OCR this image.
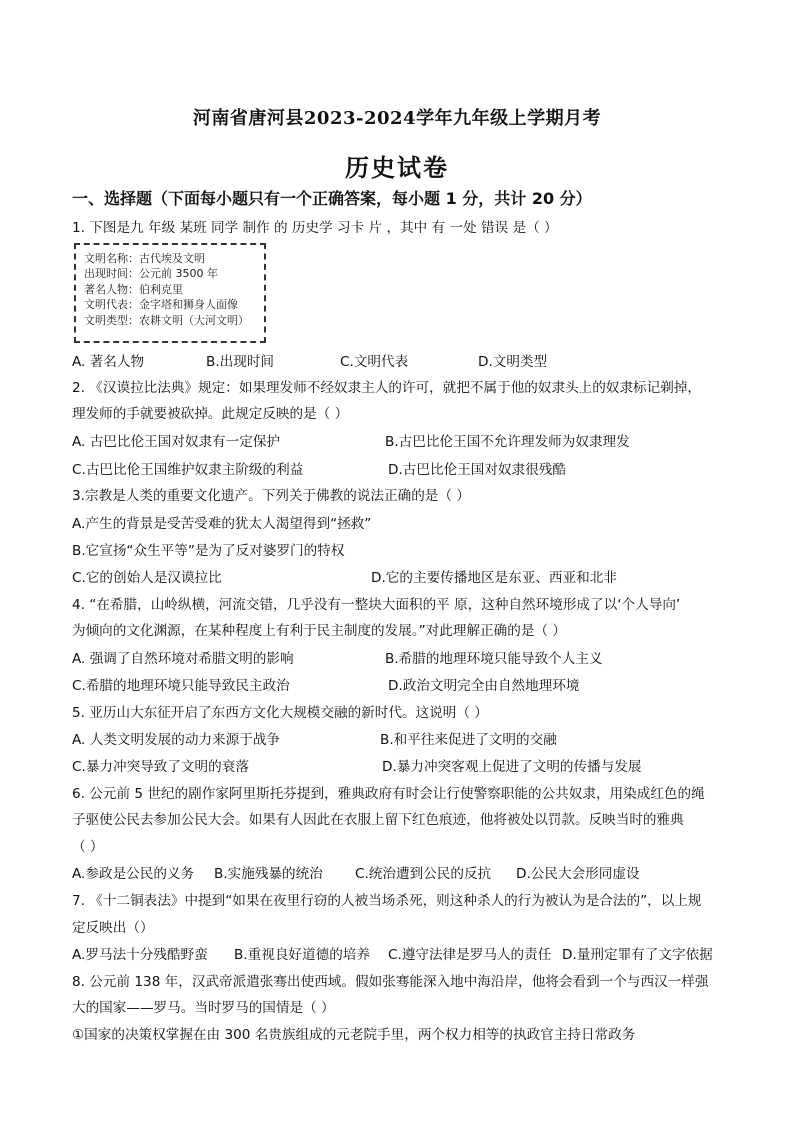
河南省唐河县2023-2024学年九年级上学期月考
历史试卷
一、选择题（下面每小题只有一个正确答案，每小题 1 分，共计 20 分）
1. 下图是九 年级 某班 同学 制作 的 历史学 习卡 片 ，其中 有 一处 错误 是（ ）
文明名称：古代埃及文明
出现时间：公元前 3500 年
著名人物：伯利克里
文明代表：金字塔和狮身人面像
文明类型：农耕文明（大河文明）
A. 著名人物	B.出现时间	C.文明代表	D.文明类型
2. 《汉谟拉比法典》规定：如果理发师不经奴隶主人的许可，就把不属于他的奴隶头上的奴隶标记剃掉，
理发师的手就要被砍掉。此规定反映的是（ ）
A. 古巴比伦王国对奴隶有一定保护	B.古巴比伦王国不允许理发师为奴隶理发
C.古巴比伦王国维护奴隶主阶级的利益	D.古巴比伦王国对奴隶很残酷
3.宗教是人类的重要文化遗产。下列关于佛教的说法正确的是（ ）
A.产生的背景是受苦受难的犹太人渴望得到“拯救”
B.它宣扬“众生平等”是为了反对婆罗门的特权
C.它的创始人是汉谟拉比	D.它的主要传播地区是东亚、西亚和北非
4. “在希腊，山岭纵横，河流交错，几乎没有一整块大面积的平 原，这种自然环境形成了以‘个人导向’
为倾向的文化渊源，在某种程度上有利于民主制度的发展。”对此理解正确的是（ ）
A. 强调了自然环境对希腊文明的影响	B.希腊的地理环境只能导致个人主义
C.希腊的地理环境只能导致民主政治	D.政治文明完全由自然地理环境
5. 亚历山大东征开启了东西方文化大规模交融的新时代。这说明（ ）
A. 人类文明发展的动力来源于战争	B.和平往来促进了文明的交融
C.暴力冲突导致了文明的衰落	D.暴力冲突客观上促进了文明的传播与发展
6. 公元前 5 世纪的剧作家阿里斯托芬提到，雅典政府有时会让行使警察职能的公共奴隶，用染成红色的绳
子驱使公民去参加公民大会。如果有人因此在衣服上留下红色痕迹，他将被处以罚款。反映当时的雅典
（ ）
A.参政是公民的义务 B.实施残暴的统治 C.统治遭到公民的反抗 D.公民大会形同虚设
7. 《十二铜表法》中提到“如果在夜里行窃的人被当场杀死，则这种杀人的行为被认为是合法的”，以上规
定反映出（）
A.罗马法十分残酷野蛮 B.重视良好道德的培养 C.遵守法律是罗马人的责任 D.量刑定罪有了文字依据
8. 公元前 138 年，汉武帝派遣张骞出使西域。假如张骞能深入地中海沿岸，他将会看到一个与西汉一样强
大的国家——罗马。当时罗马的国情是（ ）
①国家的决策权掌握在由 300 名贵族组成的元老院手里，两个权力相等的执政官主持日常政务
